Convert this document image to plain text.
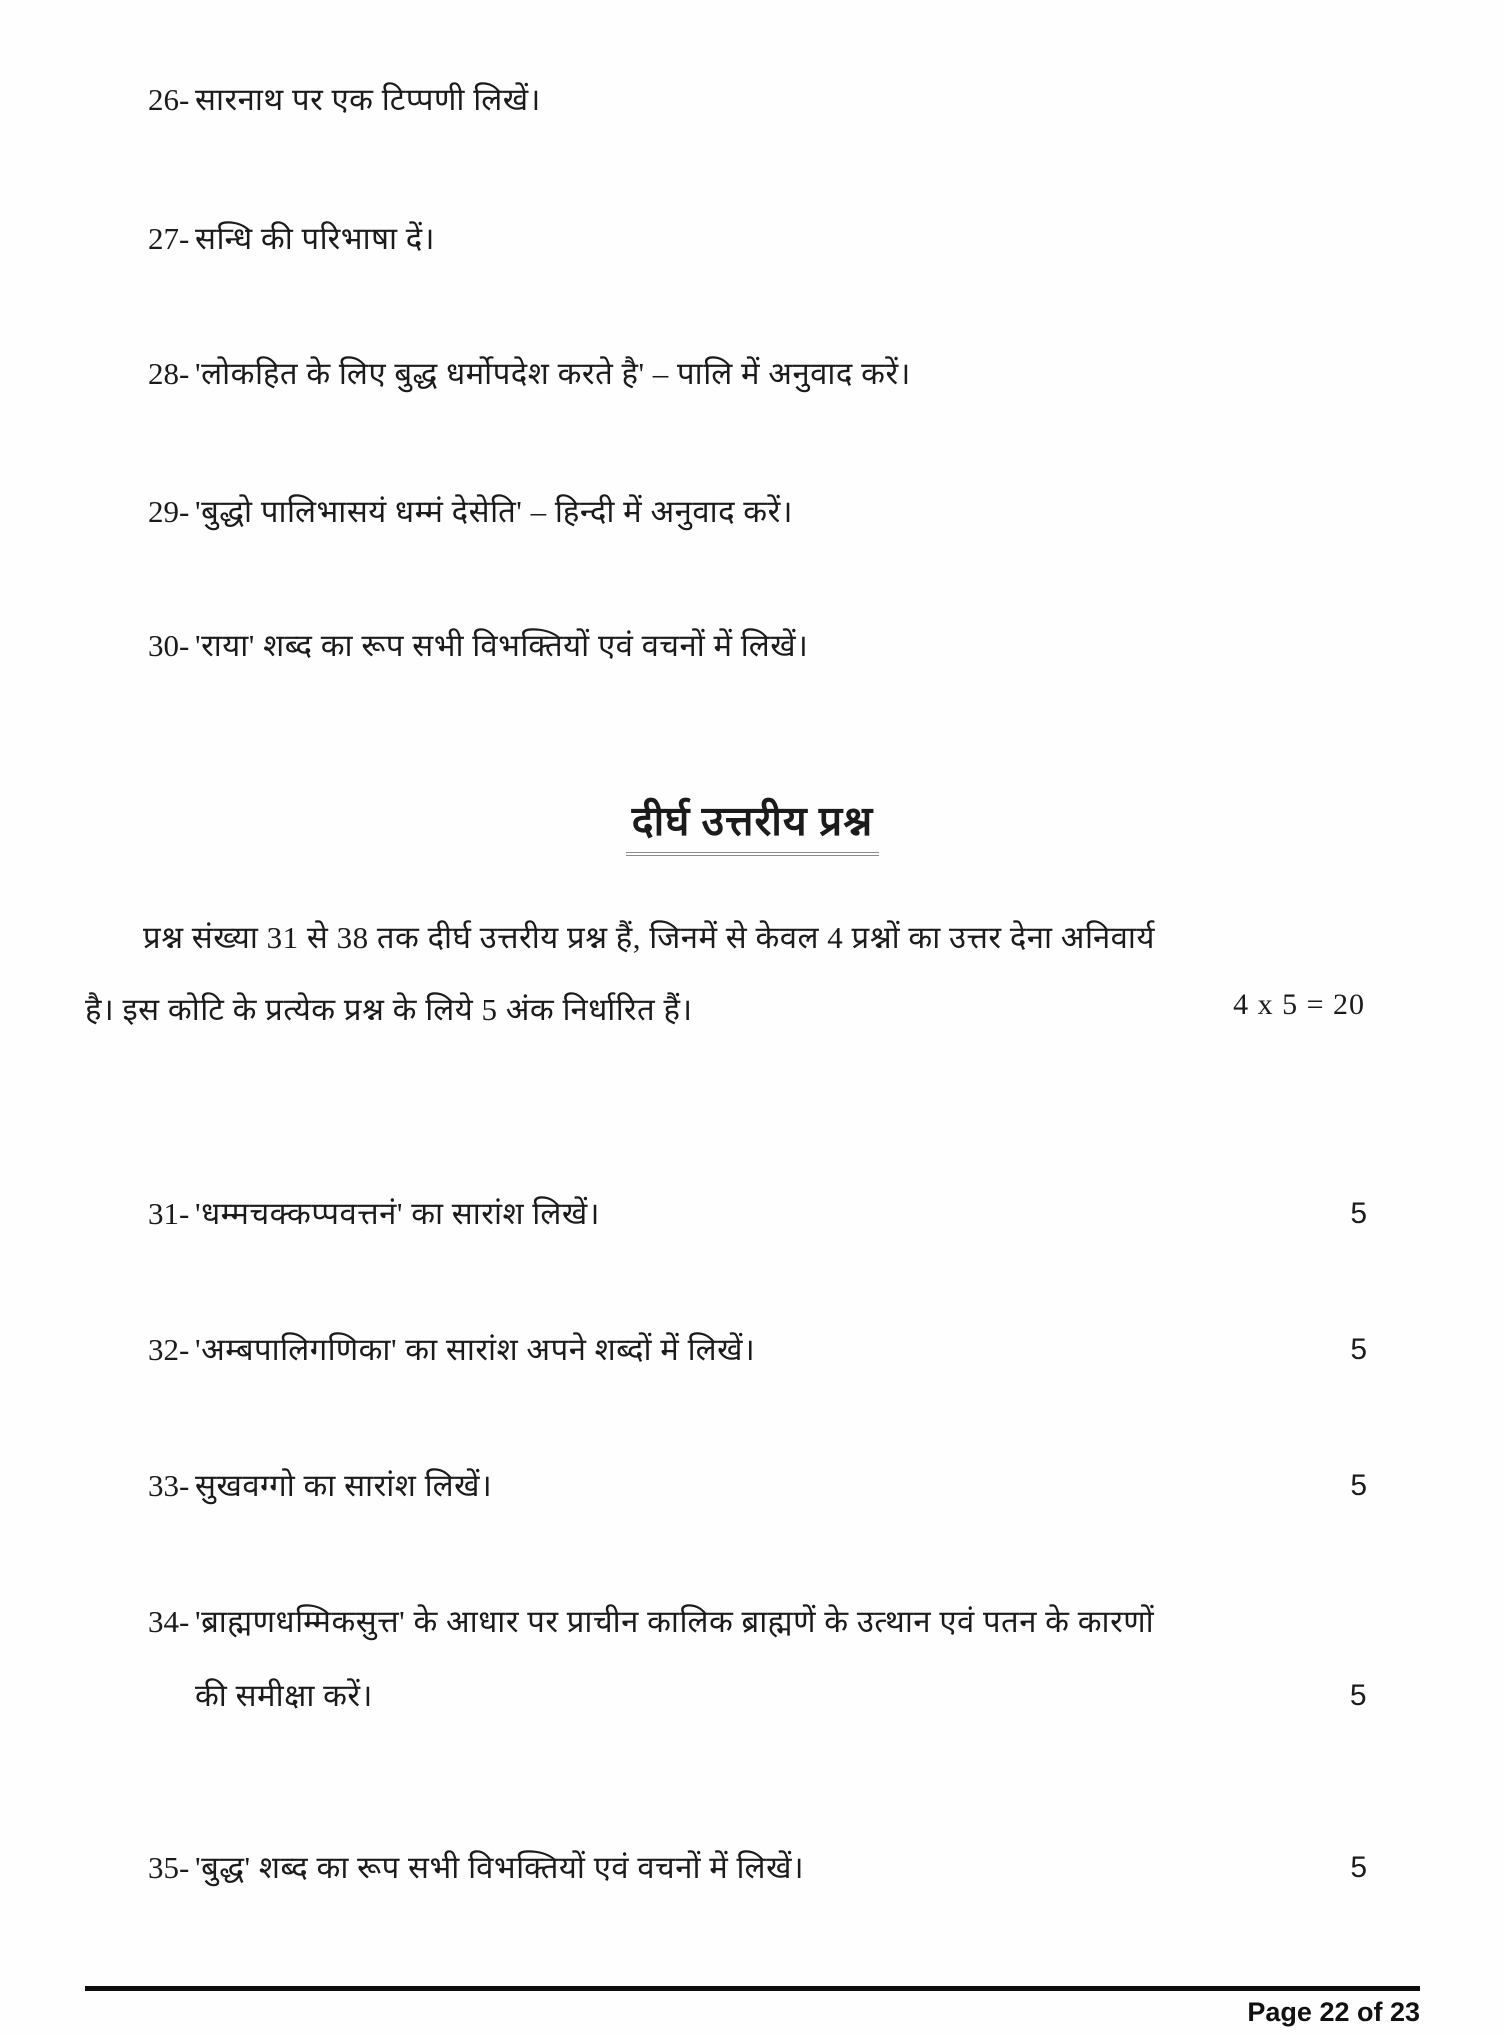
26- सारनाथ पर एक टिप्पणी लिखें।
27- सन्धि की परिभाषा दें।
28- 'लोकहित के लिए बुद्ध धर्मोपदेश करते है' – पालि में अनुवाद करें।
29- 'बुद्धो पालिभासयं धम्मं देसेति' – हिन्दी में अनुवाद करें।
30- 'राया' शब्द का रूप सभी विभक्तियों एवं वचनों में लिखें।
दीर्घ उत्तरीय प्रश्न
प्रश्न संख्या 31 से 38 तक दीर्घ उत्तरीय प्रश्न हैं, जिनमें से केवल 4 प्रश्नों का उत्तर देना अनिवार्य
है। इस कोटि के प्रत्येक प्रश्न के लिये 5 अंक निर्धारित हैं।	4 x 5 = 20
31- 'धम्मचक्कप्पवत्तनं' का सारांश लिखें।	5
32- 'अम्बपालिगणिका' का सारांश अपने शब्दों में लिखें।	5
33- सुखवग्गो का सारांश लिखें।	5
34- 'ब्राह्मणधम्मिकसुत्त' के आधार पर प्राचीन कालिक ब्राह्मणें के उत्थान एवं पतन के कारणों
की समीक्षा करें।	5
35- 'बुद्ध' शब्द का रूप सभी विभक्तियों एवं वचनों में लिखें।	5
Page 22 of 23
